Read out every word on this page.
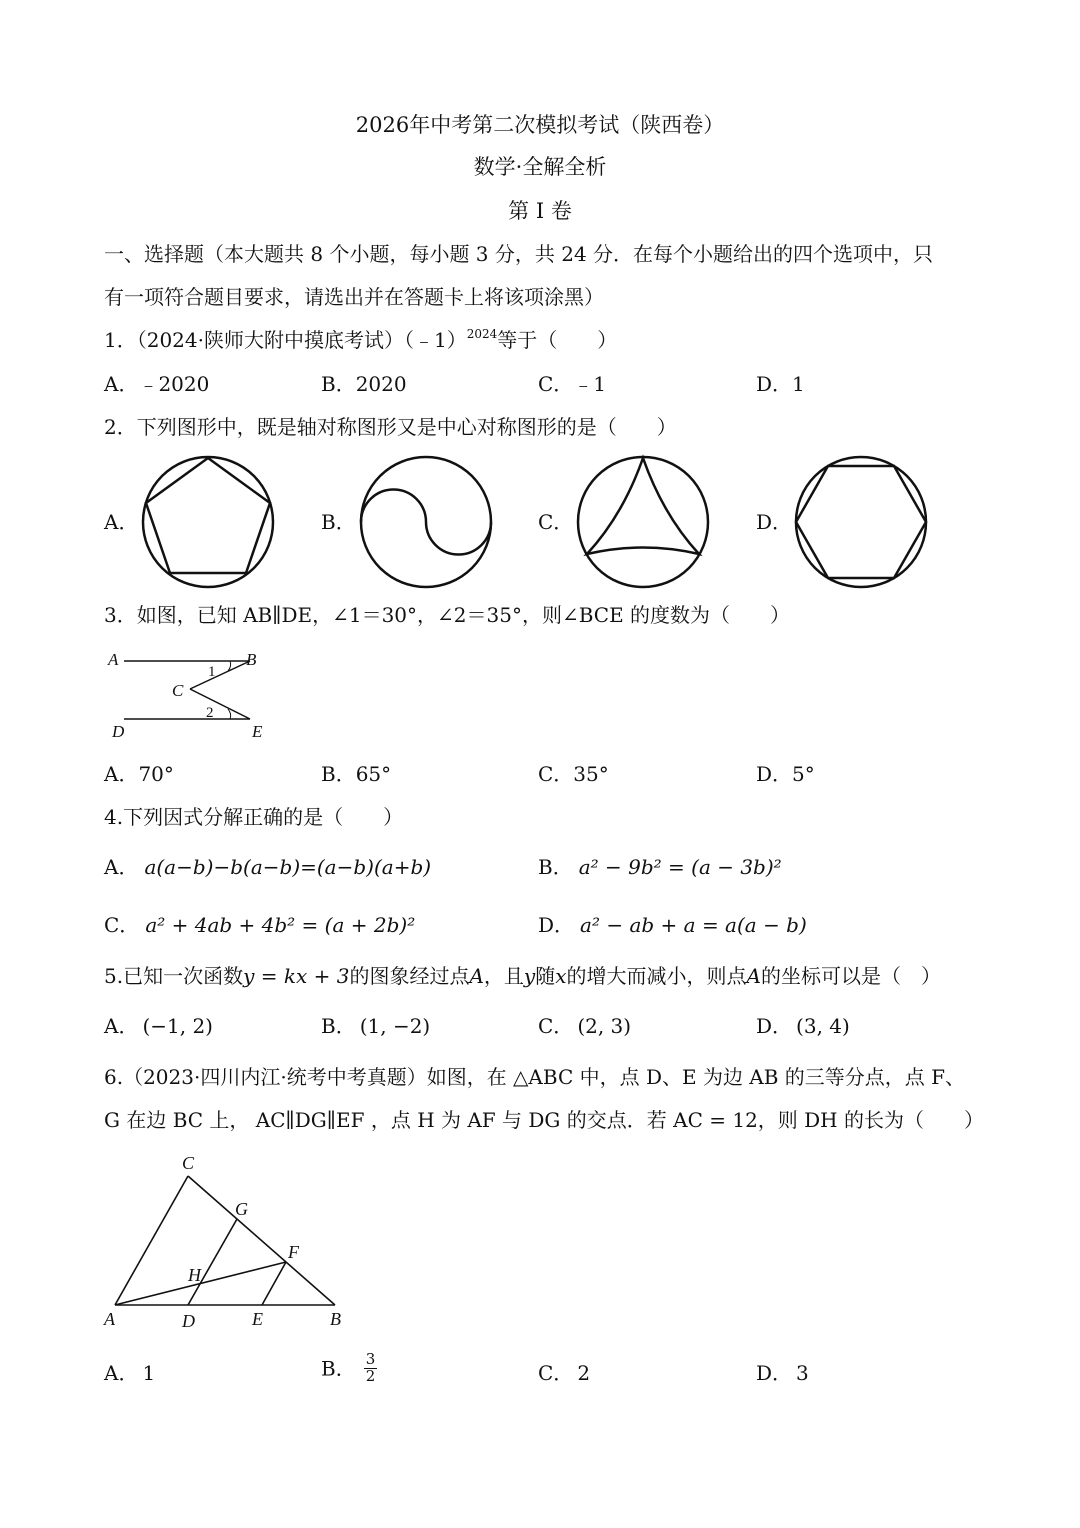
2026年中考第二次模拟考试（陕西卷）
数学·全解全析
第 I 卷
一、选择题（本大题共 8 个小题，每小题 3 分，共 24 分．在每个小题给出的四个选项中，只
有一项符合题目要求，请选出并在答题卡上将该项涂黑）
1．（2024·陕师大附中摸底考试）（﹣1）$^{2024}$等于（　　）
A．﹣2020	B．2020	C．﹣1	D．1
2．下列图形中，既是轴对称图形又是中心对称图形的是（　　）
A．	B．	C．	D．
3．如图，已知 AB∥DE，∠1＝30°，∠2＝35°，则∠BCE 的度数为（　　）
A	B
C
D	E
1
2
A．70°	B．65°	C．35°	D．5°
4.下列因式分解正确的是（　　）
A． a(a−b)−b(a−b)=(a−b)(a+b)	B． a² − 9b² = (a − 3b)²
C． a² + 4ab + 4b² = (a + 2b)²	D． a² − ab + a = a(a − b)
5.已知一次函数y = kx + 3的图象经过点A，且y随x的增大而减小，则点A的坐标可以是（　）
A． (−1, 2)	B． (1, −2)	C． (2, 3)	D． (3, 4)
6.（2023·四川内江·统考中考真题）如图，在 △ABC 中，点 D、E 为边 AB 的三等分点，点 F、
G 在边 BC 上， AC∥DG∥EF ，点 H 为 AF 与 DG 的交点．若 AC = 12，则 DH 的长为（　　）
A	B
C
D	E
F
G
H
A． 1	B． $\frac{3}{2}$	C． 2	D． 3
